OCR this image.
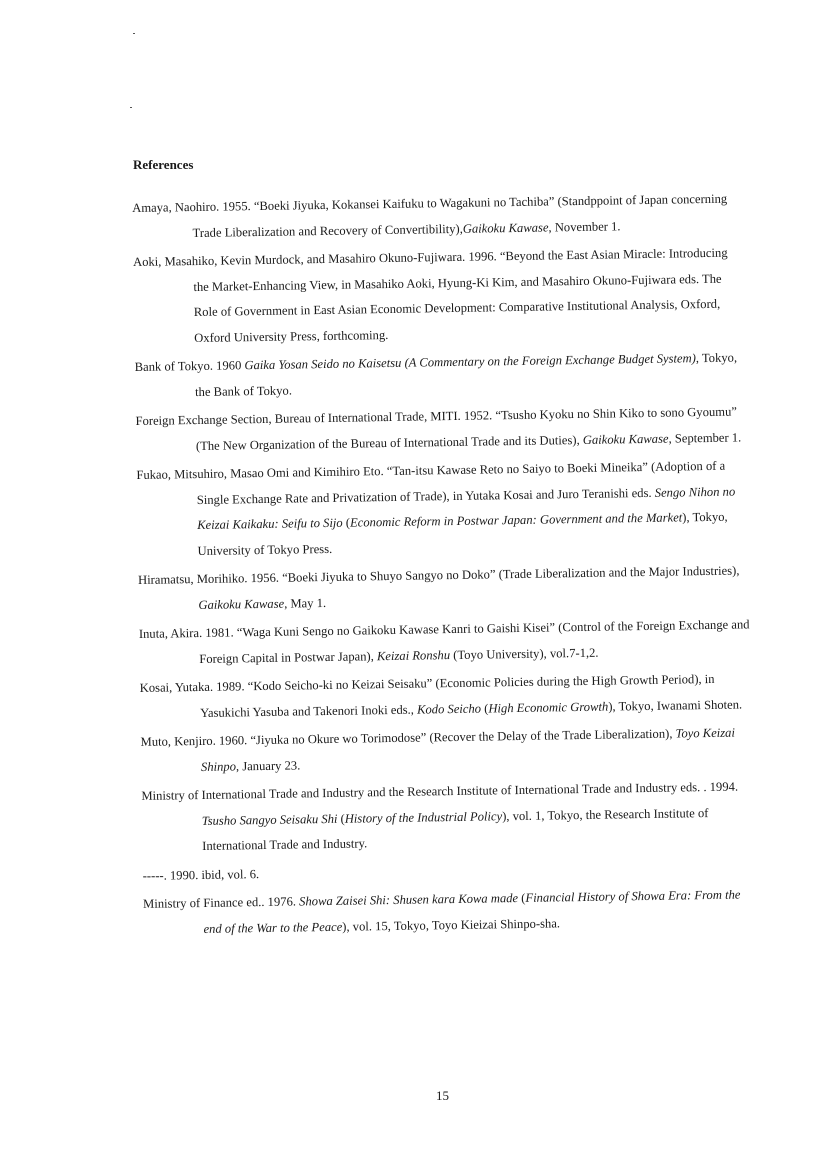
References

Amaya, Naohiro. 1955. “Boeki Jiyuka, Kokansei Kaifuku to Wagakuni no Tachiba” (Standppoint of Japan concerning Trade Liberalization and Recovery of Convertibility),Gaikoku Kawase, November 1.

Aoki, Masahiko, Kevin Murdock, and Masahiro Okuno-Fujiwara. 1996. “Beyond the East Asian Miracle: Introducing the Market-Enhancing View, in Masahiko Aoki, Hyung-Ki Kim, and Masahiro Okuno-Fujiwara eds. The Role of Government in East Asian Economic Development: Comparative Institutional Analysis, Oxford, Oxford University Press, forthcoming.

Bank of Tokyo. 1960 Gaika Yosan Seido no Kaisetsu (A Commentary on the Foreign Exchange Budget System), Tokyo, the Bank of Tokyo.

Foreign Exchange Section, Bureau of International Trade, MITI. 1952. “Tsusho Kyoku no Shin Kiko to sono Gyoumu” (The New Organization of the Bureau of International Trade and its Duties), Gaikoku Kawase, September 1.

Fukao, Mitsuhiro, Masao Omi and Kimihiro Eto. “Tan-itsu Kawase Reto no Saiyo to Boeki Mineika” (Adoption of a Single Exchange Rate and Privatization of Trade), in Yutaka Kosai and Juro Teranishi eds. Sengo Nihon no Keizai Kaikaku: Seifu to Sijo (Economic Reform in Postwar Japan: Government and the Market), Tokyo, University of Tokyo Press.

Hiramatsu, Morihiko. 1956. “Boeki Jiyuka to Shuyo Sangyo no Doko” (Trade Liberalization and the Major Industries), Gaikoku Kawase, May 1.

Inuta, Akira. 1981. “Waga Kuni Sengo no Gaikoku Kawase Kanri to Gaishi Kisei” (Control of the Foreign Exchange and Foreign Capital in Postwar Japan), Keizai Ronshu (Toyo University), vol.7-1,2.

Kosai, Yutaka. 1989. “Kodo Seicho-ki no Keizai Seisaku” (Economic Policies during the High Growth Period), in Yasukichi Yasuba and Takenori Inoki eds., Kodo Seicho (High Economic Growth), Tokyo, Iwanami Shoten.

Muto, Kenjiro. 1960. “Jiyuka no Okure wo Torimodose” (Recover the Delay of the Trade Liberalization), Toyo Keizai Shinpo, January 23.

Ministry of International Trade and Industry and the Research Institute of International Trade and Industry eds. . 1994. Tsusho Sangyo Seisaku Shi (History of the Industrial Policy), vol. 1, Tokyo, the Research Institute of International Trade and Industry.

-----. 1990. ibid, vol. 6.

Ministry of Finance ed.. 1976. Showa Zaisei Shi: Shusen kara Kowa made (Financial History of Showa Era: From the end of the War to the Peace), vol. 15, Tokyo, Toyo Kieizai Shinpo-sha.

15
